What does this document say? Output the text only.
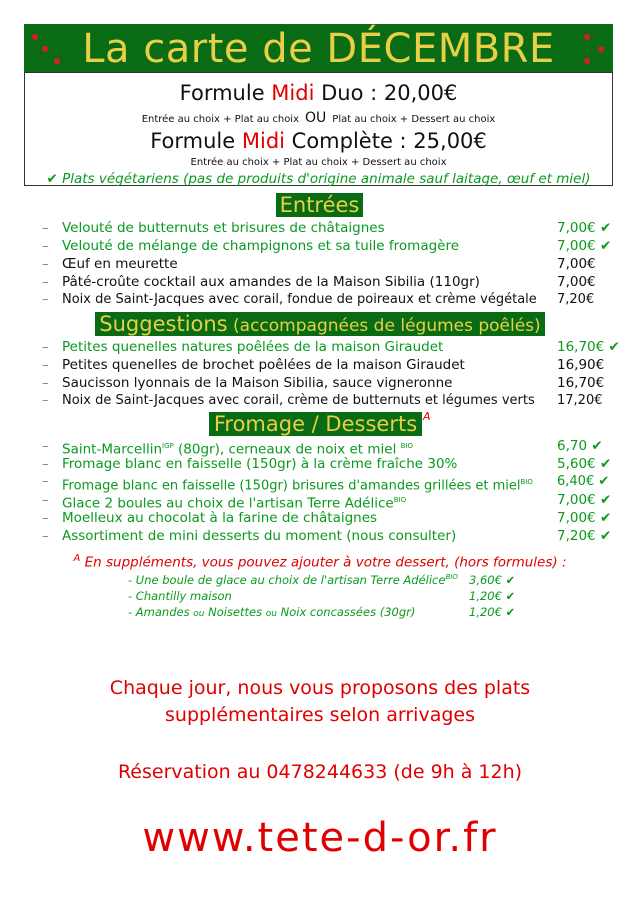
La carte de DÉCEMBRE
Formule Midi Duo : 20,00€
Entrée au choix + Plat au choix OU Plat au choix + Dessert au choix
Formule Midi Complète : 25,00€
Entrée au choix + Plat au choix + Dessert au choix
✔ Plats végétariens (pas de produits d'origine animale sauf laitage, œuf et miel)
Entrées
– Velouté de butternuts et brisures de châtaignes	7,00€ ✔
– Velouté de mélange de champignons et sa tuile fromagère	7,00€ ✔
– Œuf en meurette	7,00€
– Pâté-croûte cocktail aux amandes de la Maison Sibilia (110gr)	7,00€
– Noix de Saint-Jacques avec corail, fondue de poireaux et crème végétale 7,20€
Suggestions (accompagnées de légumes poêlés)
– Petites quenelles natures poêlées de la maison Giraudet	16,70€ ✔
– Petites quenelles de brochet poêlées de la maison Giraudet	16,90€
– Saucisson lyonnais de la Maison Sibilia, sauce vigneronne	16,70€
– Noix de Saint-Jacques avec corail, crème de butternuts et légumes verts 17,20€
Fromage / Desserts A
– Saint-Marcellin$^{IGP}$ (80gr), cerneaux de noix et miel $^{BIO}$	6,70 ✔
– Fromage blanc en faisselle (150gr) à la crème fraîche 30%	5,60€ ✔
– Fromage blanc en faisselle (150gr) brisures d'amandes grillées et miel$^{BIO}$ 6,40€ ✔
– Glace 2 boules au choix de l'artisan Terre Adélice$^{BIO}$	7,00€ ✔
– Moelleux au chocolat à la farine de châtaignes	7,00€ ✔
– Assortiment de mini desserts du moment (nous consulter)	7,20€ ✔
$^A$ En suppléments, vous pouvez ajouter à votre dessert, (hors formules) :
- Une boule de glace au choix de l'artisan Terre Adélice$^{BIO}$ 3,60€ ✔
- Chantilly maison	1,20€ ✔
- Amandes ou Noisettes ou Noix concassées (30gr)	1,20€ ✔
Chaque jour, nous vous proposons des plats
supplémentaires selon arrivages
Réservation au 0478244633 (de 9h à 12h)
www.tete-d-or.fr
